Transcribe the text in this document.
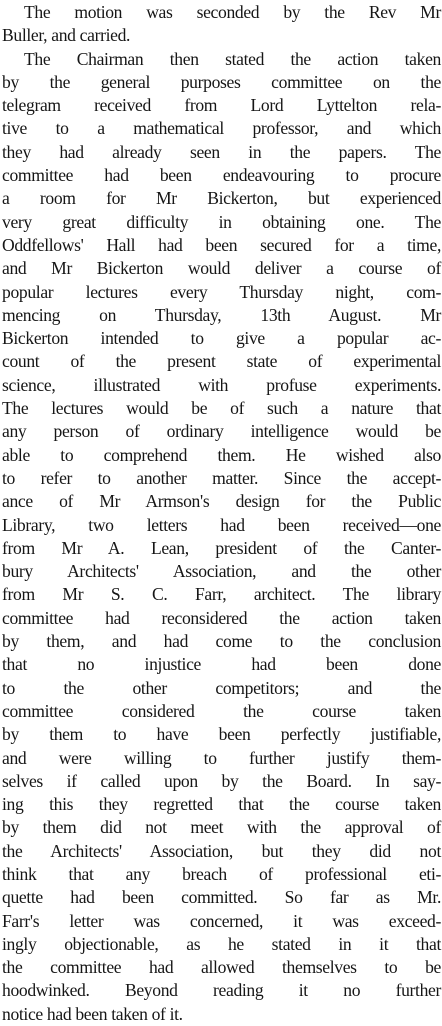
The motion was seconded by the Rev Mr
Buller, and carried.
The Chairman then stated the action taken
by the general purposes committee on the
telegram received from Lord Lyttelton rela-
tive to a mathematical professor, and which
they had already seen in the papers. The
committee had been endeavouring to procure
a room for Mr Bickerton, but experienced
very great difficulty in obtaining one. The
Oddfellows' Hall had been secured for a time,
and Mr Bickerton would deliver a course of
popular lectures every Thursday night, com-
mencing on Thursday, 13th August. Mr
Bickerton intended to give a popular ac-
count of the present state of experimental
science, illustrated with profuse experiments.
The lectures would be of such a nature that
any person of ordinary intelligence would be
able to comprehend them. He wished also
to refer to another matter. Since the accept-
ance of Mr Armson's design for the Public
Library, two letters had been received—one
from Mr A. Lean, president of the Canter-
bury Architects' Association, and the other
from Mr S. C. Farr, architect. The library
committee had reconsidered the action taken
by them, and had come to the conclusion
that no injustice had been done
to the other competitors; and the
committee considered the course taken
by them to have been perfectly justifiable,
and were willing to further justify them-
selves if called upon by the Board. In say-
ing this they regretted that the course taken
by them did not meet with the approval of
the Architects' Association, but they did not
think that any breach of professional eti-
quette had been committed. So far as Mr.
Farr's letter was concerned, it was exceed-
ingly objectionable, as he stated in it that
the committee had allowed themselves to be
hoodwinked. Beyond reading it no further
notice had been taken of it.
